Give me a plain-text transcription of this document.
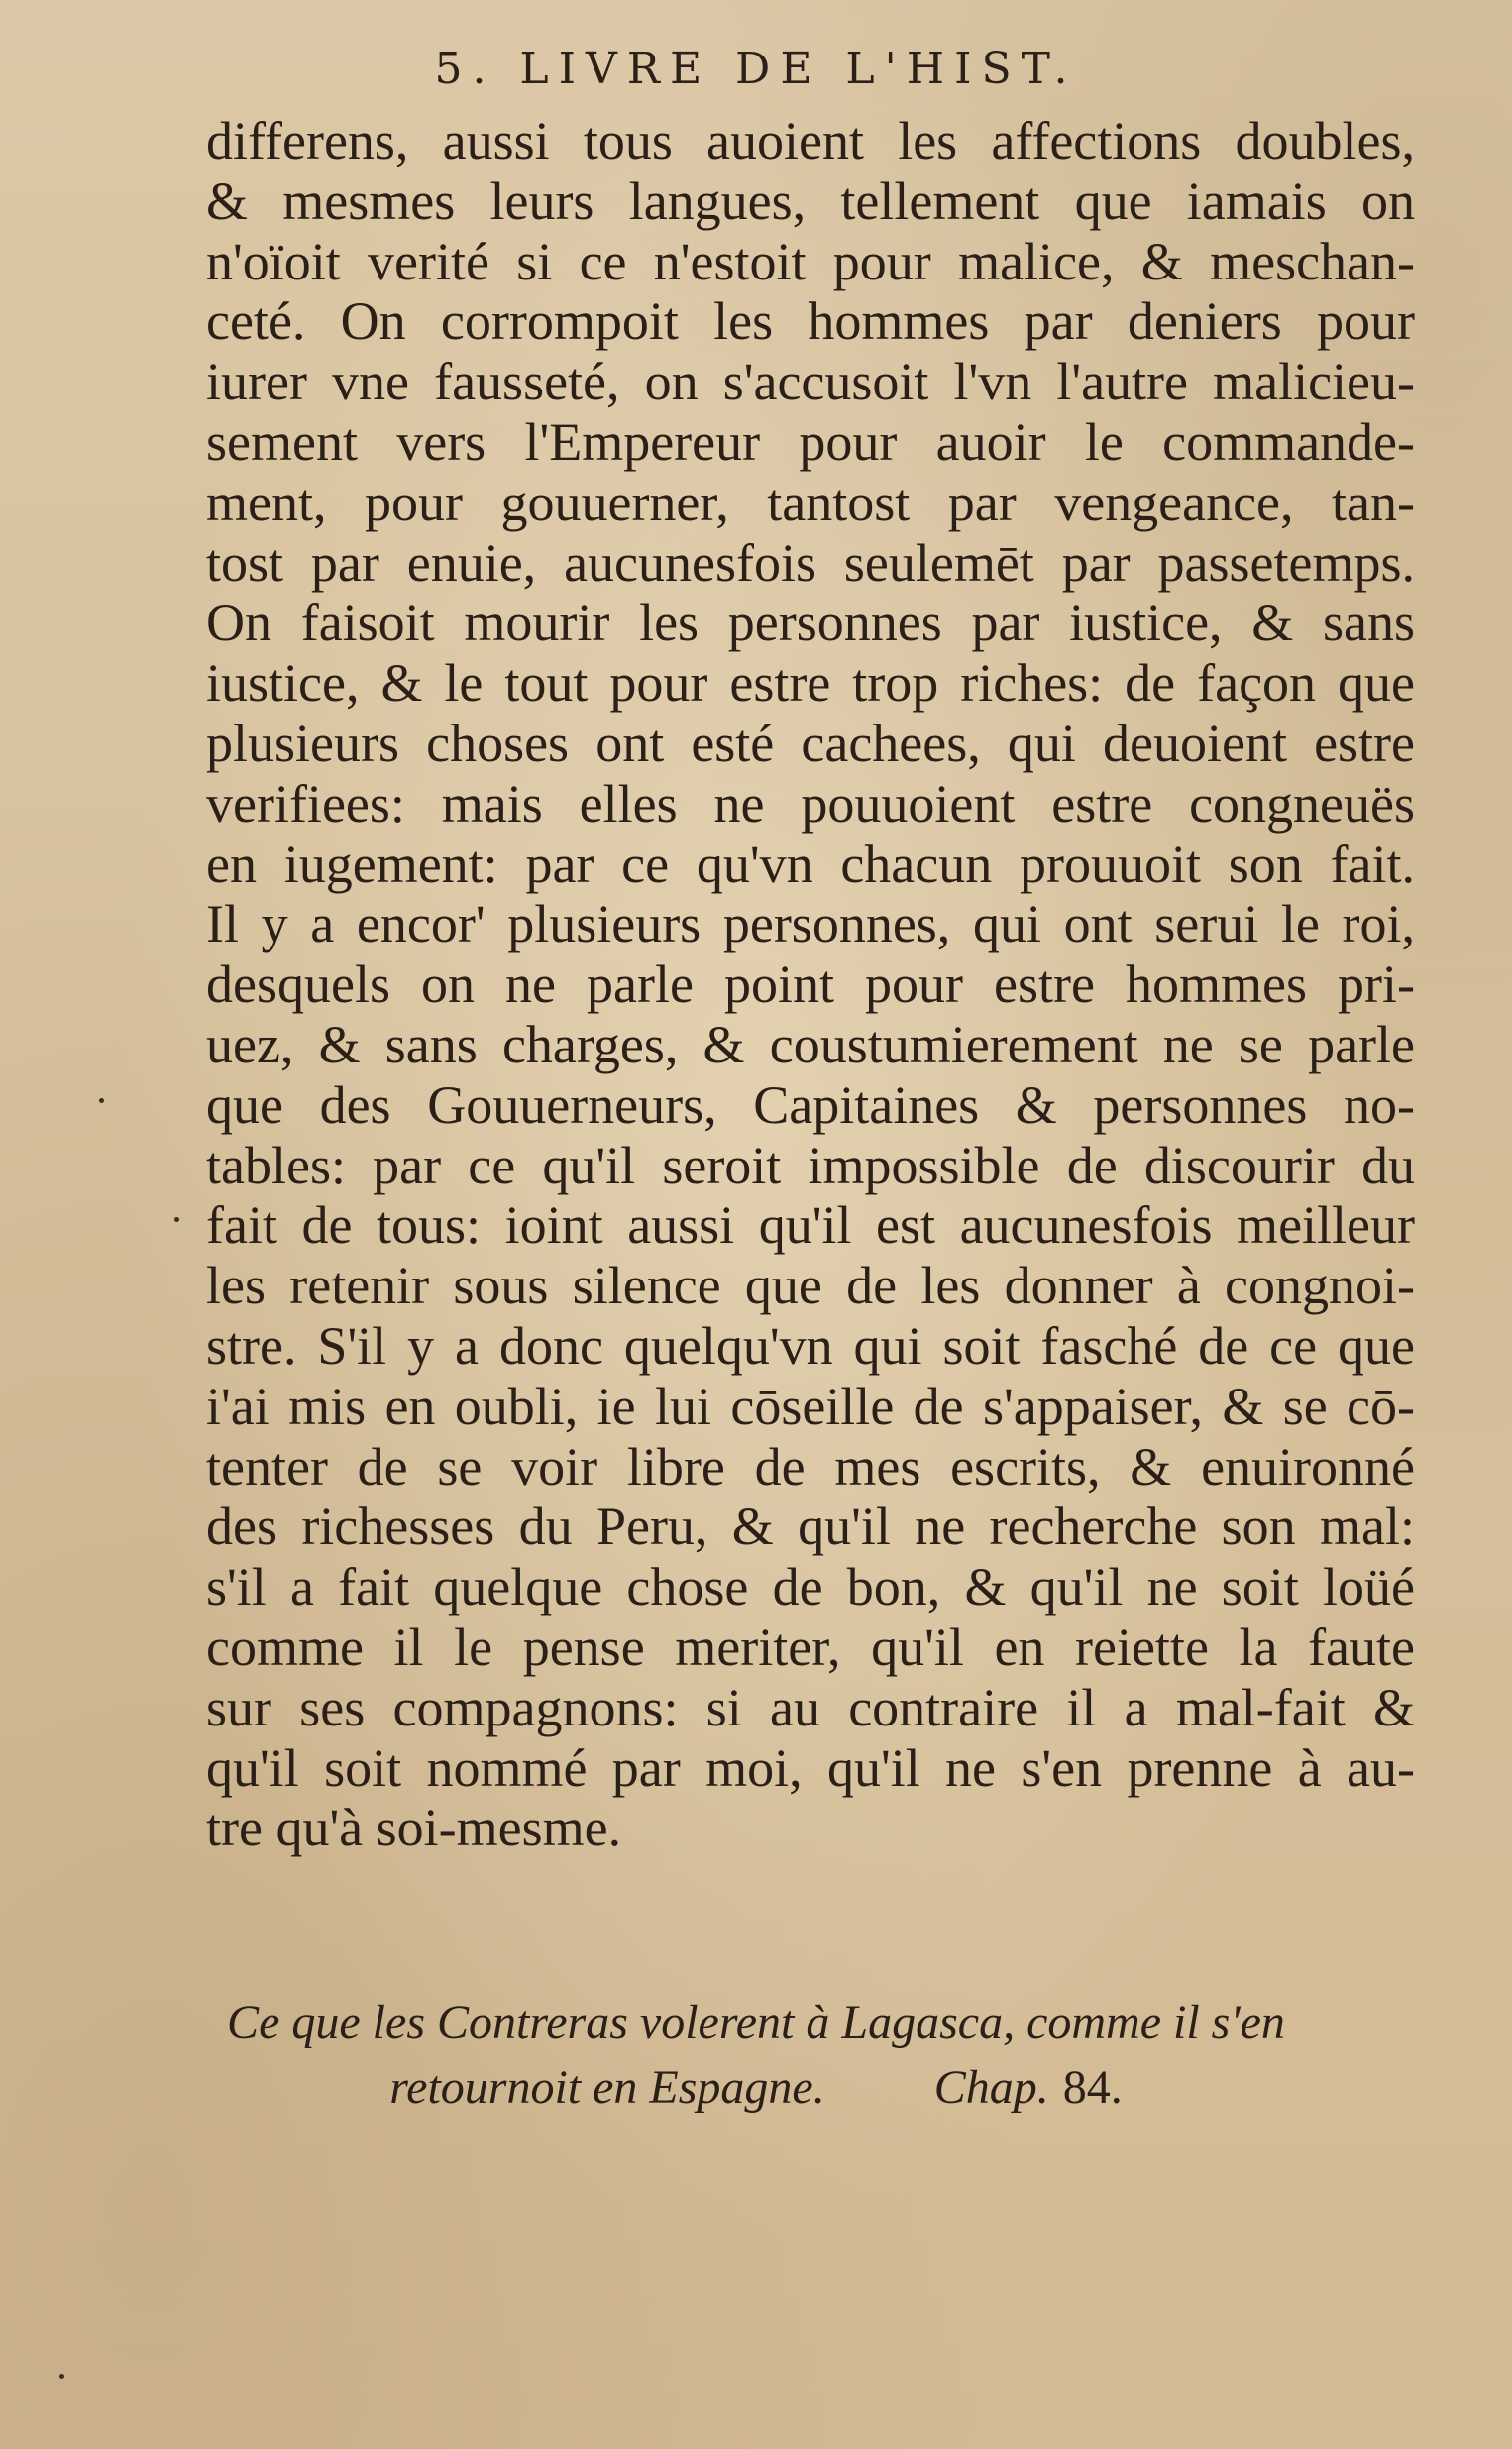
5. LIVRE DE L'HIST.
differens, aussi tous auoient les affections doubles,
& mesmes leurs langues, tellement que iamais on
n'oïoit verité si ce n'estoit pour malice, & meschan-
ceté. On corrompoit les hommes par deniers pour
iurer vne fausseté, on s'accusoit l'vn l'autre malicieu-
sement vers l'Empereur pour auoir le commande-
ment, pour gouuerner, tantost par vengeance, tan-
tost par enuie, aucunesfois seulemēt par passetemps.
On faisoit mourir les personnes par iustice, & sans
iustice, & le tout pour estre trop riches: de façon que
plusieurs choses ont esté cachees, qui deuoient estre
verifiees: mais elles ne pouuoient estre congneuës
en iugement: par ce qu'vn chacun prouuoit son fait.
Il y a encor' plusieurs personnes, qui ont serui le roi,
desquels on ne parle point pour estre hommes pri-
uez, & sans charges, & coustumierement ne se parle
que des Gouuerneurs, Capitaines & personnes no-
tables: par ce qu'il seroit impossible de discourir du
fait de tous: ioint aussi qu'il est aucunesfois meilleur
les retenir sous silence que de les donner à congnoi-
stre. S'il y a donc quelqu'vn qui soit fasché de ce que
i'ai mis en oubli, ie lui cōseille de s'appaiser, & se cō-
tenter de se voir libre de mes escrits, & enuironné
des richesses du Peru, & qu'il ne recherche son mal:
s'il a fait quelque chose de bon, & qu'il ne soit loüé
comme il le pense meriter, qu'il en reiette la faute
sur ses compagnons: si au contraire il a mal-fait &
qu'il soit nommé par moi, qu'il ne s'en prenne à au-
tre qu'à soi-mesme.
Ce que les Contreras volerent à Lagasca, comme il s'en
retournoit en Espagne. Chap. 84.
